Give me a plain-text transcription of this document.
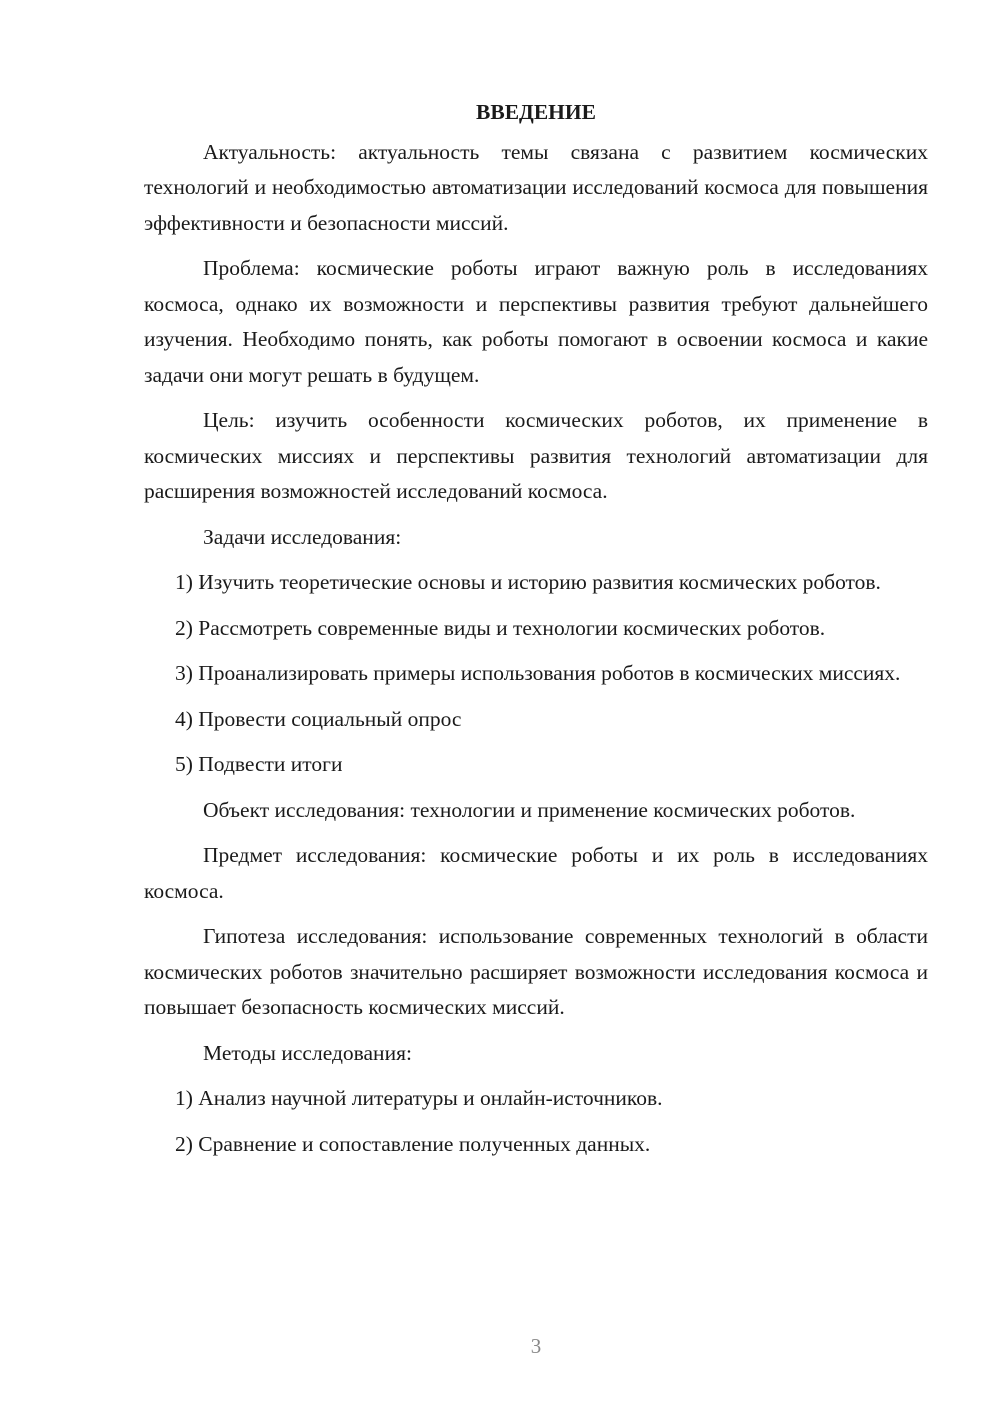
ВВЕДЕНИЕ

Актуальность: актуальность темы связана с развитием космических технологий и необходимостью автоматизации исследований космоса для повышения эффективности и безопасности миссий.

Проблема: космические роботы играют важную роль в исследованиях космоса, однако их возможности и перспективы развития требуют дальнейшего изучения. Необходимо понять, как роботы помогают в освоении космоса и какие задачи они могут решать в будущем.

Цель: изучить особенности космических роботов, их применение в космических миссиях и перспективы развития технологий автоматизации для расширения возможностей исследований космоса.

Задачи исследования:

1) Изучить теоретические основы и историю развития космических роботов.

2) Рассмотреть современные виды и технологии космических роботов.

3) Проанализировать примеры использования роботов в космических миссиях.

4) Провести социальный опрос

5) Подвести итоги

Объект исследования: технологии и применение космических роботов.

Предмет исследования: космические роботы и их роль в исследованиях космоса.

Гипотеза исследования: использование современных технологий в области космических роботов значительно расширяет возможности исследования космоса и повышает безопасность космических миссий.

Методы исследования:

1) Анализ научной литературы и онлайн-источников.

2) Сравнение и сопоставление полученных данных.

3
